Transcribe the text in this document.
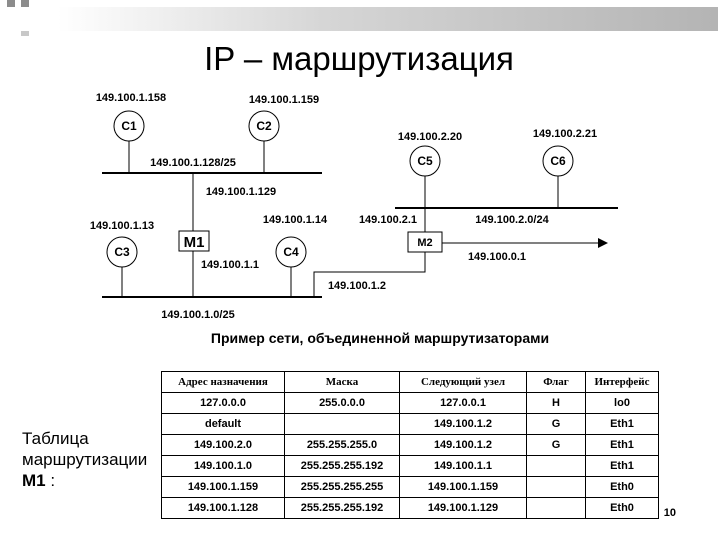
IP – маршрутизация
C1
149.100.1.158
C2
149.100.1.159
C3
149.100.1.13
C4
149.100.1.14
C5
149.100.2.20
C6
149.100.2.21
M1	M2
149.100.1.128/25
149.100.1.129
149.100.1.1
149.100.1.0/25
149.100.1.2
149.100.2.1	149.100.2.0/24
149.100.0.1
Пример сети, объединенной маршрутизаторами
Таблица
маршрутизации
M1 :
Адрес назначения	Маска	Следующий узел	Флаг	Интерфейс
127.0.0.0	255.0.0.0	127.0.0.1	H	lo0
default		149.100.1.2	G	Eth1
149.100.2.0	255.255.255.0	149.100.1.2	G	Eth1
149.100.1.0	255.255.255.192	149.100.1.1		Eth1
149.100.1.159	255.255.255.255	149.100.1.159		Eth0
149.100.1.128	255.255.255.192	149.100.1.129		Eth0	10
